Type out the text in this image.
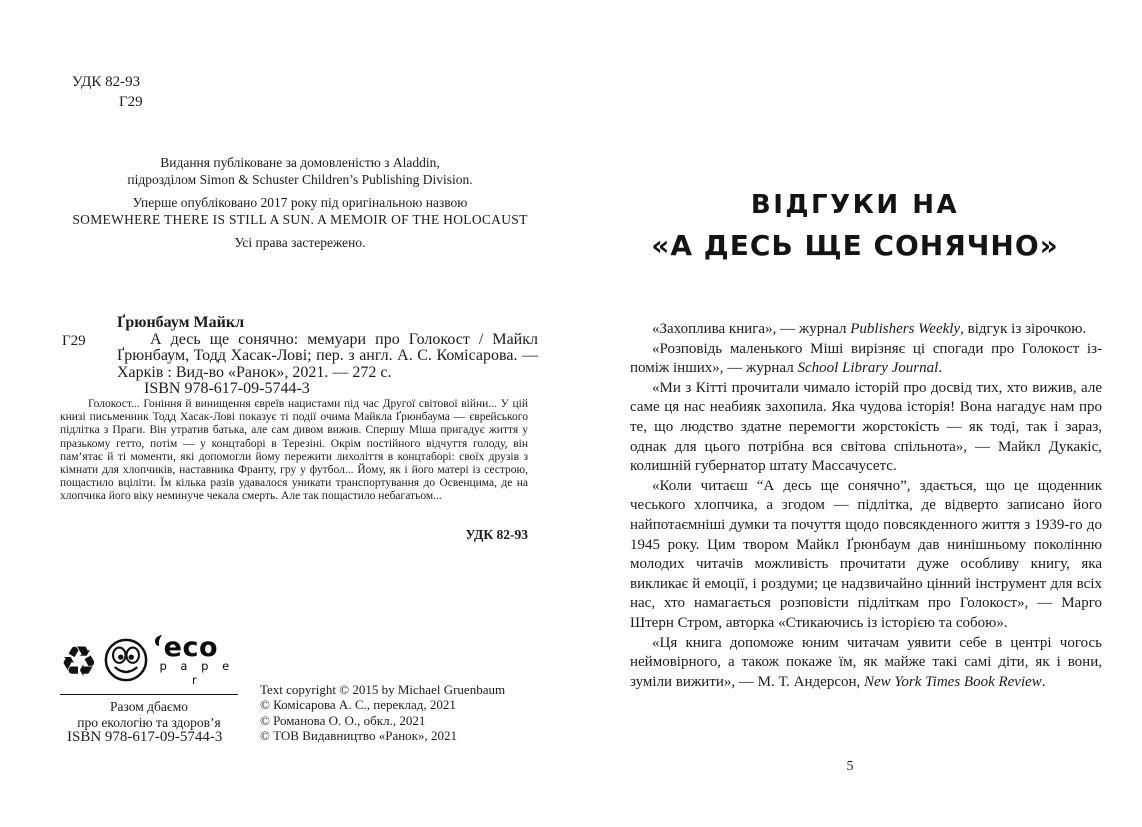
УДК 82-93
Г29
Видання публіковане за домовленістю з Aladdin,
підрозділом Simon & Schuster Children’s Publishing Division.
Уперше опубліковано 2017 року під оригінальною назвою
SOMEWHERE THERE IS STILL A SUN. A MEMOIR OF THE HOLOCAUST
Усі права застережено.
Г29
Ґрюнбаум Майкл
А десь ще сонячно: мемуари про Голокост / Майкл Ґрюнбаум, Тодд Хасак-Лові; пер. з англ. А. С. Комісарова. — Харків : Вид-во «Ранок», 2021. — 272 с.
ISBN 978-617-09-5744-3
Голокост... Гоніння й винищення євреїв нацистами під час Другої світової війни... У цій книзі письменник Тодд Хасак-Лові показує ті події очима Майкла Ґрюнбаума — єврейського підлітка з Праги. Він утратив батька, але сам дивом вижив. Спершу Міша пригадує життя у празькому гетто, потім — у концтаборі в Терезіні. Окрім постійного відчуття голоду, він пам’ятає й ті моменти, які допомогли йому пережити лихоліття в концтаборі: своїх друзів з кімнати для хлопчиків, наставника Франту, гру у футбол... Йому, як і його матері із сестрою, пощастило вціліти. Їм кілька разів удавалося уникати транспортування до Освенцима, де на хлопчика його віку неминуче чекала смерть. Але так пощастило небагатьом...
УДК 82-93
♻ eco
p a p e r
Разом дбаємо
про екологію та здоров’я
ISBN 978-617-09-5744-3
Text copyright © 2015 by Michael Gruenbaum
© Комісарова А. С., переклад, 2021
© Романова О. О., обкл., 2021
© ТОВ Видавництво «Ранок», 2021
ВІДГУКИ НА
«А ДЕСЬ ЩЕ СОНЯЧНО»

«Захоплива книга», — журнал Publishers Weekly, відгук із зірочкою.

«Розповідь маленького Міші вирізняє ці спогади про Голокост із-поміж інших», — журнал School Library Journal.

«Ми з Кітті прочитали чимало історій про досвід тих, хто вижив, але саме ця нас неабияк захопила. Яка чудова історія! Вона нагадує нам про те, що людство здатне перемогти жорстокість — як тоді, так і зараз, однак для цього потрібна вся світова спільнота», — Майкл Дукакіс, колишній губернатор штату Массачусетс.

«Коли читаєш “А десь ще сонячно”, здається, що це щоденник чеського хлопчика, а згодом — підлітка, де відверто записано його найпотаємніші думки та почуття щодо повсякденного життя з 1939-го до 1945 року. Цим твором Майкл Ґрюнбаум дав нинішньому поколінню молодих читачів можливість прочитати дуже особливу книгу, яка викликає й емоції, і роздуми; це надзвичайно цінний інструмент для всіх нас, хто намагається розповісти підліткам про Голокост», — Марго Штерн Стром, авторка «Стикаючись із історією та собою».

«Ця книга допоможе юним читачам уявити себе в центрі чогось неймовірного, а також покаже їм, як майже такі самі діти, як і вони, зуміли вижити», — М. Т. Андерсон, New York Times Book Review.

5
